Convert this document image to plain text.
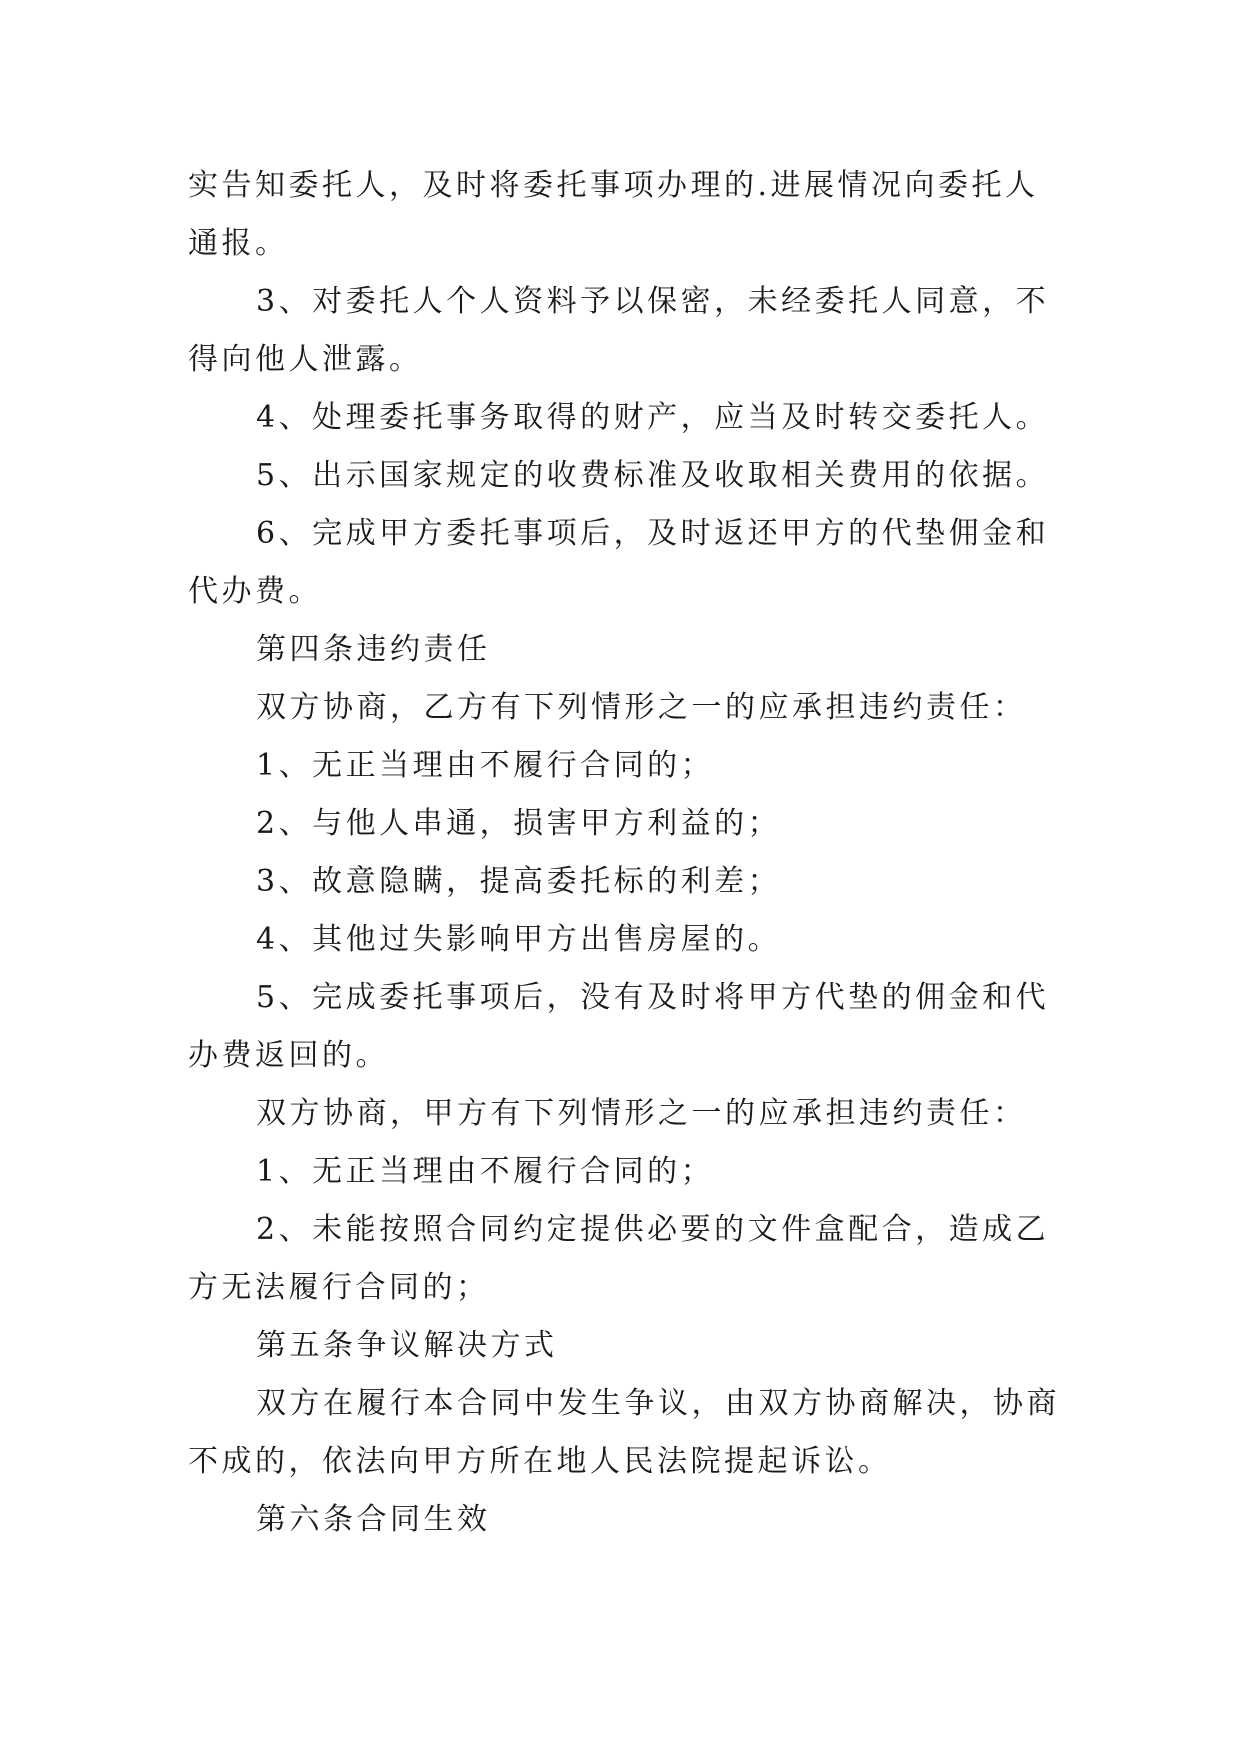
实告知委托人，及时将委托事项办理的.进展情况向委托人
通报。
3、对委托人个人资料予以保密，未经委托人同意，不
得向他人泄露。
4、处理委托事务取得的财产，应当及时转交委托人。
5、出示国家规定的收费标准及收取相关费用的依据。
6、完成甲方委托事项后，及时返还甲方的代垫佣金和
代办费。
第四条违约责任
双方协商，乙方有下列情形之一的应承担违约责任：
1、无正当理由不履行合同的；
2、与他人串通，损害甲方利益的；
3、故意隐瞒，提高委托标的利差；
4、其他过失影响甲方出售房屋的。
5、完成委托事项后，没有及时将甲方代垫的佣金和代
办费返回的。
双方协商，甲方有下列情形之一的应承担违约责任：
1、无正当理由不履行合同的；
2、未能按照合同约定提供必要的文件盒配合，造成乙
方无法履行合同的；
第五条争议解决方式
双方在履行本合同中发生争议，由双方协商解决，协商
不成的，依法向甲方所在地人民法院提起诉讼。
第六条合同生效
